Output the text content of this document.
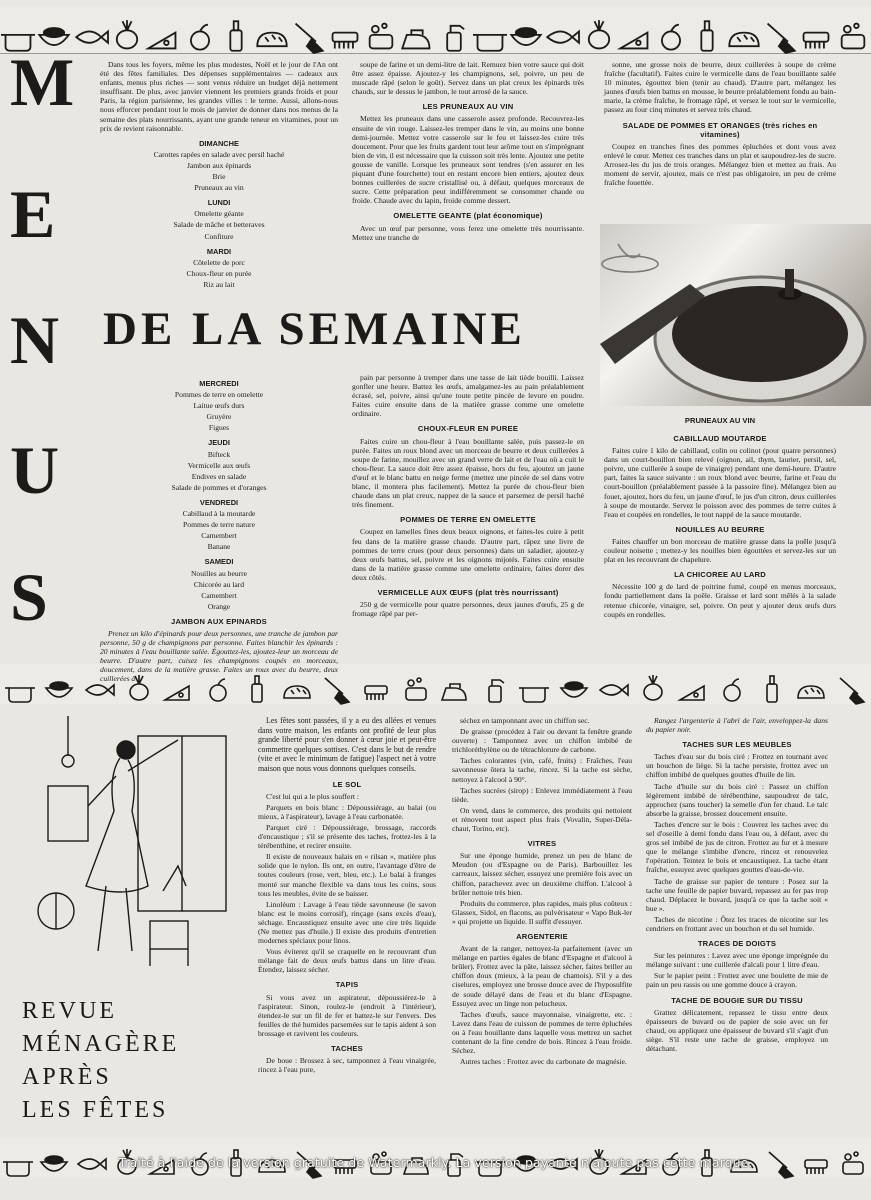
M
E
N
U
S
DE LA SEMAINE

Dans tous les foyers, même les plus modestes, Noël et le jour de l'An ont été des fêtes familiales. Des dépenses supplémentaires — cadeaux aux enfants, menus plus riches — sont venus réduire un budget déjà nettement insuffisant. De plus, avec janvier viennent les premiers grands froids et pour Paris, la région parisienne, les grandes villes : le terme. Aussi, allons-nous nous efforcer pendant tout le mois de janvier de donner dans nos menus de la semaine des plats nourrissants, ayant une grande teneur en vitamines, pour un prix de revient raisonnable.

DIMANCHE

Carottes rapées en salade avec persil haché

Jambon aux épinards

Brie

Pruneaux au vin

LUNDI

Omelette géante

Salade de mâche et betteraves

Confiture

MARDI

Côtelette de porc

Choux-fleur en purée

Riz au lait

MERCREDI

Pommes de terre en omelette

Laitue œufs durs

Gruyère

Figues

JEUDI

Bifteck

Vermicelle aux œufs

Endives en salade

Salade de pommes et d'oranges

VENDREDI

Cabillaud à la moutarde

Pommes de terre nature

Camembert

Banane

SAMEDI

Nouilles au beurre

Chicorée au lard

Camembert

Orange

JAMBON AUX EPINARDS

Prenez un kilo d'épinards pour deux personnes, une tranche de jambon par personne, 50 g de champignons par personne. Faites blanchir les épinards : 20 minutes à l'eau bouillante salée. Égouttez-les, ajoutez-leur un morceau de beurre. D'autre part, cuisez les champignons coupés en morceaux, doucement, dans de la matière grasse. Faites un roux avec du beurre, deux cuillerées à

soupe de farine et un demi-litre de lait. Remuez bien votre sauce qui doit être assez épaisse. Ajoutez-y les champignons, sel, poivre, un peu de muscade râpé (selon le goût). Servez dans un plat creux les épinards très chauds, sur le dessus le jambon, le tout arrosé de la sauce.

LES PRUNEAUX AU VIN

Mettez les pruneaux dans une casserole assez profonde. Recouvrez-les ensuite de vin rouge. Laissez-les tremper dans le vin, au moins une bonne demi-journée. Mettez votre casserole sur le feu et laissez-les cuire très doucement. Pour que les fruits gardent tout leur arôme tout en s'imprégnant bien de vin, il est nécessaire que la cuisson soit très lente. Ajoutez une petite gousse de vanille. Lorsque les pruneaux sont tendres (s'en assurer en les piquant d'une fourchette) tout en restant encore bien entiers, ajoutez deux bonnes cuillerées de sucre cristallisé ou, à défaut, quelques morceaux de sucre. Cette préparation peut indifféremment se consommer chaude ou froide. Chaude avec du lapin, froide comme dessert.

OMELETTE GEANTE (plat économique)

Avec un œuf par personne, vous ferez une omelette très nourrissante. Mettez une tranche de

pain par personne à tremper dans une tasse de lait tiède bouilli. Laissez gonfler une heure. Battez les œufs, amalgamez-les au pain préalablement écrasé, sel, poivre, ainsi qu'une toute petite pincée de levure en poudre. Faites cuire ensuite dans de la matière grasse comme une omelette ordinaire.

CHOUX-FLEUR EN PUREE

Faites cuire un chou-fleur à l'eau bouillante salée, puis passez-le en purée. Faites un roux blond avec un morceau de beurre et deux cuillerées à soupe de farine, mouillez avec un grand verre de lait et de l'eau où a cuit le chou-fleur. La sauce doit être assez épaisse, hors du feu, ajoutez un jaune d'œuf et le blanc battu en neige ferme (mettez une pincée de sel dans votre blanc, il montera plus facilement). Mettez la purée de chou-fleur bien chaude dans un plat creux, nappez de la sauce et parsemez de persil haché très finement.

POMMES DE TERRE EN OMELETTE

Coupez en lamelles fines deux beaux oignons, et faites-les cuire à petit feu dans de la matière grasse chaude. D'autre part, râpez une livre de pommes de terre crues (pour deux personnes) dans un saladier, ajoutez-y deux œufs battus, sel, poivre et les oignons mijotés. Faites cuire ensuite dans de la matière grasse comme une omelette ordinaire, faites dorer des deux côtés.

VERMICELLE AUX ŒUFS (plat très nourrissant)

250 g de vermicelle pour quatre personnes, deux jaunes d'œufs, 25 g de fromage râpé par per-

sonne, une grosse noix de beurre, deux cuillerées à soupe de crème fraîche (facultatif). Faites cuire le vermicelle dans de l'eau bouillante salée 10 minutes, égouttez bien (tenir au chaud). D'autre part, mélangez les jaunes d'œufs bien battus en mousse, le beurre préalablement fondu au bain-marie, la crème fraîche, le fromage râpé, et versez le tout sur le vermicelle, passez au four cinq minutes et servez très chaud.

SALADE DE POMMES ET ORANGES (très riches en vitamines)

Coupez en tranches fines des pommes épluchées et dont vous avez enlevé le cœur. Mettez ces tranches dans un plat et saupoudrez-les de sucre. Arrosez-les du jus de trois oranges. Mélangez bien et mettez au frais. Au moment de servir, ajoutez, mais ce n'est pas obligatoire, un peu de crème fraîche fouettée.

PRUNEAUX AU VIN

CABILLAUD MOUTARDE

Faites cuire 1 kilo de cabillaud, colin ou colinot (pour quatre personnes) dans un court-bouillon bien relevé (oignon, ail, thym, laurier, persil, sel, poivre, une cuillerée à soupe de vinaigre) pendant une demi-heure. D'autre part, faites la sauce suivante : un roux blond avec beurre, farine et l'eau du court-bouillon (préalablement passée à la passoire fine). Mélangez bien au fouet, ajoutez, hors du feu, un jaune d'œuf, le jus d'un citron, deux cuillerées à soupe de moutarde. Servez le poisson avec des pommes de terre cuites à l'eau et coupées en rondelles, le tout nappé de la sauce moutarde.

NOUILLES AU BEURRE

Faites chauffer un bon morceau de matière grasse dans la poêle jusqu'à couleur noisette ; mettez-y les nouilles bien égouttées et servez-les sur un plat en les recouvrant de chapelure.

LA CHICOREE AU LARD

Nécessite 100 g de lard de poitrine fumé, coupé en menus morceaux, fondu partiellement dans la poêle. Graisse et lard sont mêlés à la salade retenue chicorée, vinaigre, sel, poivre. On peut y ajouter deux œufs durs coupés en rondelles.

REVUE
MÉNAGÈRE
APRÈS
LES FÊTES

Les fêtes sont passées, il y a eu des allées et venues dans votre maison, les enfants ont profité de leur plus grande liberté pour s'en donner à cœur joie et peut-être commettre quelques sottises. C'est dans le but de rendre (vite et avec le minimum de fatigue) l'aspect net à votre maison que nous vous donnons quelques conseils.

LE SOL

C'est lui qui a le plus souffert :

Parquets en bois blanc : Dépoussiérage, au balai (ou mieux, à l'aspirateur), lavage à l'eau carbonatée.

Parquet ciré : Dépoussiérage, brossage, raccords d'encaustique ; s'il se présente des taches, frottez-les à la térébenthine, et recirer ensuite.

Il existe de nouveaux balais en « rilsan », matière plus solide que le nylon. Ils ont, en outre, l'avantage d'être de toutes couleurs (rose, vert, bleu, etc.). Le balai à franges monté sur manche flexible va dans tous les coins, sous tous les meubles, évite de se baisser.

Linoléum : Lavage à l'eau tiède savonneuse (le savon blanc est le moins corrosif), rinçage (sans excès d'eau), séchage. Encaustiquez ensuite avec une cire très liquide (Ne mettez pas d'huile.) Il existe des produits d'entretien modernes spéciaux pour linos.

Vous éviterez qu'il se craquelle en le recouvrant d'un mélange fait de deux œufs battus dans un litre d'eau. Étendez, laissez sécher.

TAPIS

Si vous avez un aspirateur, dépoussiérez-le à l'aspirateur. Sinon, roulez-le (endroit à l'intérieur), étendez-le sur un fil de fer et battez-le sur l'envers. Des feuilles de thé humides parsemées sur le tapis aident à son brossage et ravivent les couleurs.

TACHES

De boue : Brossez à sec, tamponnez à l'eau vinaigrée, rincez à l'eau pure,

séchez en tamponnant avec un chiffon sec.

De graisse (procédez à l'air ou devant la fenêtre grande ouverte) : Tamponnez avec un chiffon imbibé de trichloréthylène ou de tétrachlorure de carbone.

Taches colorantes (vin, café, fruits) : Fraîches, l'eau savonneuse ôtera la tache, rincez. Si la tache est sèche, nettoyez à l'alcool à 90°.

Taches sucrées (sirop) : Enlevez immédiatement à l'eau tiède.

On vend, dans le commerce, des produits qui nettoient et rénovent tout aspect plus frais (Vovalin, Super-Déla-chaut, Torino, etc).

VITRES

Sur une éponge humide, prenez un peu de blanc de Meudon (ou d'Espagne ou de Paris). Barbouillez les carreaux, laissez sécher, essuyez une première fois avec un chiffon, parachevez avec un deuxième chiffon. L'alcool à brûler nettoie très bien.

Produits du commerce, plus rapides, mais plus coûteux : Glassex, Sidol, en flacons, au pulvérisateur « Vapo Buk-ler » qui projette un liquide. Il suffit d'essuyer.

ARGENTERIE

Avant de la ranger, nettoyez-la parfaitement (avec un mélange en parties égales de blanc d'Espagne et d'alcool à brûler). Frottez avec la pâte, laissez sécher, faites briller au chiffon doux (mieux, à la peau de chamois). S'il y a des ciselures, employez une brosse douce avec de l'hyposulfite de soude délayé dans de l'eau et du blanc d'Espagne. Essuyez avec un linge non pelucheux.

Taches d'œufs, sauce mayonnaise, vinaigrette, etc. : Lavez dans l'eau de cuisson de pommes de terre épluchées ou à l'eau bouillante dans laquelle vous mettrez un sachet contenant de la fine cendre de bois. Rincez à l'eau froide. Séchez.

Autres taches : Frottez avec du carbonate de magnésie.

Rangez l'argenterie à l'abri de l'air, enveloppez-la dans du papier noir.

TACHES SUR LES MEUBLES

Taches d'eau sur du bois ciré : Frottez en tournant avec un bouchon de liège. Si la tache persiste, frottez avec un chiffon imbibé de quelques gouttes d'huile de lin.

Tache d'huile sur du bois ciré : Passez un chiffon légèrement imbibé de térébenthine, saupoudrez de talc, approchez (sans toucher) la semelle d'un fer chaud. Le talc absorbe la graisse, brossez doucement ensuite.

Taches d'encre sur le bois : Couvrez les taches avec du sel d'oseille à demi fondu dans l'eau ou, à défaut, avec du gros sel imbibé de jus de citron. Frottez au fur et à mesure que le mélange s'imbibe d'encre, rincez et renouvelez l'opération. Teintez le bois et encaustiquez. La tache étant fraîche, essuyez avec quelques gouttes d'eau-de-vie.

Tache de graisse sur papier de tenture : Posez sur la tache une feuille de papier buvard, repassez au fer pas trop chaud. Déplacez le buvard, jusqu'à ce que la tache soit « bue ».

Taches de nicotine : Ôtez les traces de nicotine sur les cendriers en frottant avec un bouchon et du sel humide.

TRACES DE DOIGTS

Sur les peintures : Lavez avec une éponge imprégnée du mélange suivant : une cuillerée d'alcali pour 1 litre d'eau.

Sur le papier peint : Frottez avec une boulette de mie de pain un peu rassis ou une gomme douce à crayon.

TACHE DE BOUGIE SUR DU TISSU

Grattez délicatement, repassez le tissu entre deux épaisseurs de buvard ou de papier de soie avec un fer chaud, ou appliquez une épaisseur de buvard s'il s'agit d'un siège. S'il reste une tache de graisse, employez un détachant.

Traité à l'aide de la version gratuite de Watermarkly. La version payante n'ajoute pas cette marque.
